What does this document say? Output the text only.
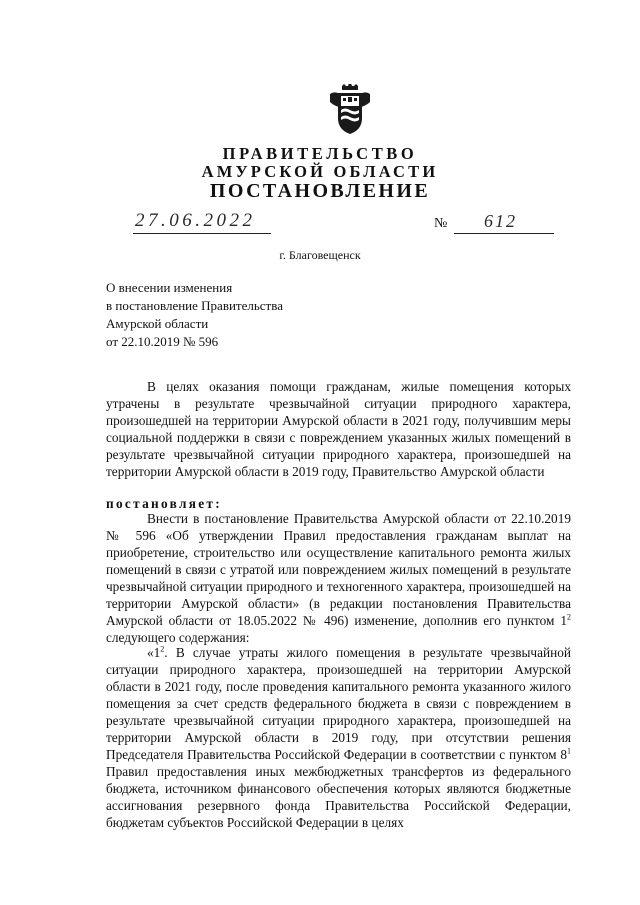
ПРАВИТЕЛЬСТВО
АМУРСКОЙ ОБЛАСТИ
ПОСТАНОВЛЕНИЕ
27.06.2022	№ 612
г. Благовещенск
О внесении изменения
в постановление Правительства
Амурской области
от 22.10.2019 № 596
В целях оказания помощи гражданам, жилые помещения которых утрачены в результате чрезвычайной ситуации природного характера, произошедшей на территории Амурской области в 2021 году, получившим меры социальной поддержки в связи с повреждением указанных жилых помещений в результате чрезвычайной ситуации природного характера, произошедшей на территории Амурской области в 2019 году, Правительство Амурской области
постановляет:
Внести в постановление Правительства Амурской области от 22.10.2019 № 596 «Об утверждении Правил предоставления гражданам выплат на приобретение, строительство или осуществление капитального ремонта жилых помещений в связи с утратой или повреждением жилых помещений в результате чрезвычайной ситуации природного и техногенного характера, произошедшей на территории Амурской области» (в редакции постановления Правительства Амурской области от 18.05.2022 № 496) изменение, дополнив его пунктом $1^2$ следующего содержания:
«$1^2$. В случае утраты жилого помещения в результате чрезвычайной ситуации природного характера, произошедшей на территории Амурской области в 2021 году, после проведения капитального ремонта указанного жилого помещения за счет средств федерального бюджета в связи с повреждением в результате чрезвычайной ситуации природного характера, произошедшей на территории Амурской области в 2019 году, при отсутствии решения Председателя Правительства Российской Федерации в соответствии с пунктом $8^1$ Правил предоставления иных межбюджетных трансфертов из федерального бюджета, источником финансового обеспечения которых являются бюджетные ассигнования резервного фонда Правительства Российской Федерации, бюджетам субъектов Российской Федерации в целях
